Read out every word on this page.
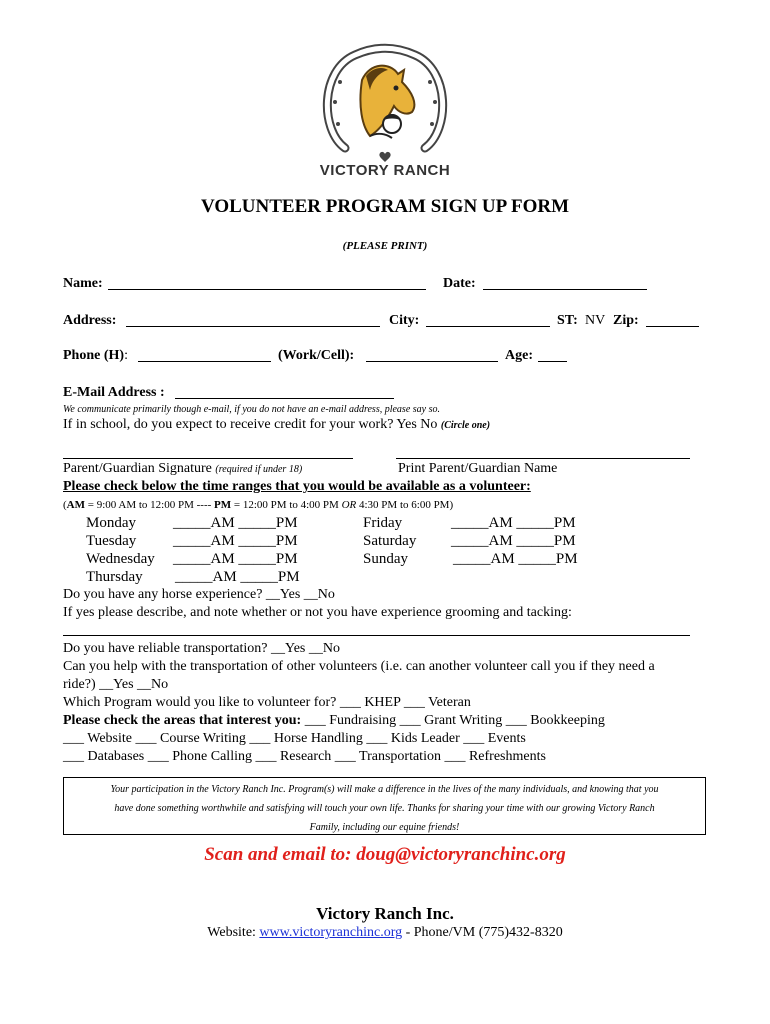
VICTORY RANCH
VOLUNTEER PROGRAM SIGN UP FORM
(PLEASE PRINT)
Name:	Date:
Address:	City:	ST: NV Zip:
Phone (H):	(Work/Cell):	Age:
E-Mail Address :
We communicate primarily though e-mail, if you do not have an e-mail address, please say so.
If in school, do you expect to receive credit for your work? Yes No (Circle one)
Parent/Guardian Signature (required if under 18)	Print Parent/Guardian Name
Please check below the time ranges that you would be available as a volunteer:
(AM = 9:00 AM to 12:00 PM ---- PM = 12:00 PM to 4:00 PM OR 4:30 PM to 6:00 PM)
Monday _____AM _____PM
Tuesday _____AM _____PM
Wednesday _____AM _____PM
Thursday _____AM _____PM
Friday	_____AM _____PM
Saturday _____AM _____PM
Sunday	_____AM _____PM
Do you have any horse experience? __Yes __No
If yes please describe, and note whether or not you have experience grooming and tacking:
Do you have reliable transportation? __Yes __No
Can you help with the transportation of other volunteers (i.e. can another volunteer call you if they need a
ride?) __Yes __No
Which Program would you like to volunteer for? ___ KHEP ___ Veteran
Please check the areas that interest you: ___ Fundraising ___ Grant Writing ___ Bookkeeping
___ Website ___ Course Writing ___ Horse Handling ___ Kids Leader ___ Events
___ Databases ___ Phone Calling ___ Research ___ Transportation ___ Refreshments
Your participation in the Victory Ranch Inc. Program(s) will make a difference in the lives of the many individuals, and knowing that you
have done something worthwhile and satisfying will touch your own life. Thanks for sharing your time with our growing Victory Ranch
Family, including our equine friends!
Scan and email to: doug@victoryranchinc.org
Victory Ranch Inc.
Website: www.victoryranchinc.org - Phone/VM (775)432-8320
